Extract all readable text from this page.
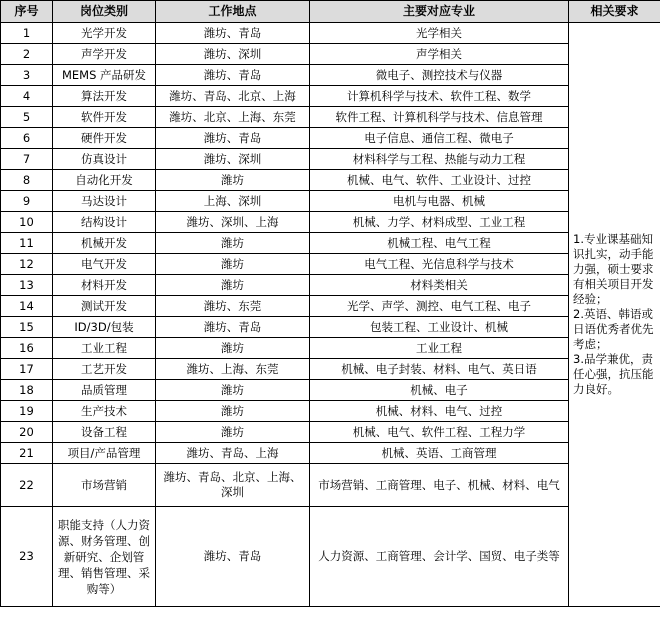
序号	岗位类别	工作地点	主要对应专业	相关要求
1	光学开发	潍坊、青岛	光学相关	1.专业课基础知识扎实，动手能力强，硕士要求有相关项目开发经验；
2.英语、韩语或日语优秀者优先考虑；
3.品学兼优，责任心强，抗压能力良好。

2	声学开发	潍坊、深圳	声学相关	
3	MEMS 产品研发	潍坊、青岛	微电子、测控技术与仪器	
4	算法开发	潍坊、青岛、北京、上海	计算机科学与技术、软件工程、数学	
5	软件开发	潍坊、北京、上海、东莞	软件工程、计算机科学与技术、信息管理	
6	硬件开发	潍坊、青岛	电子信息、通信工程、微电子	
7	仿真设计	潍坊、深圳	材料科学与工程、热能与动力工程	
8	自动化开发	潍坊	机械、电气、软件、工业设计、过控	
9	马达设计	上海、深圳	电机与电器、机械	
10	结构设计	潍坊、深圳、上海	机械、力学、材料成型、工业工程	
11	机械开发	潍坊	机械工程、电气工程	
12	电气开发	潍坊	电气工程、光信息科学与技术	
13	材料开发	潍坊	材料类相关	
14	测试开发	潍坊、东莞	光学、声学、测控、电气工程、电子	
15	ID/3D/包装	潍坊、青岛	包装工程、工业设计、机械	
16	工业工程	潍坊	工业工程	
17	工艺开发	潍坊、上海、东莞	机械、电子封装、材料、电气、英日语	
18	品质管理	潍坊	机械、电子	
19	生产技术	潍坊	机械、材料、电气、过控	
20	设备工程	潍坊	机械、电气、软件工程、工程力学	
21	项目/产品管理	潍坊、青岛、上海	机械、英语、工商管理	
22	市场营销	潍坊、青岛、北京、上海、深圳	市场营销、工商管理、电子、机械、材料、电气	
23	职能支持（人力资源、财务管理、创新研究、企划管理、销售管理、采购等）	潍坊、青岛	人力资源、工商管理、会计学、国贸、电子类等	
